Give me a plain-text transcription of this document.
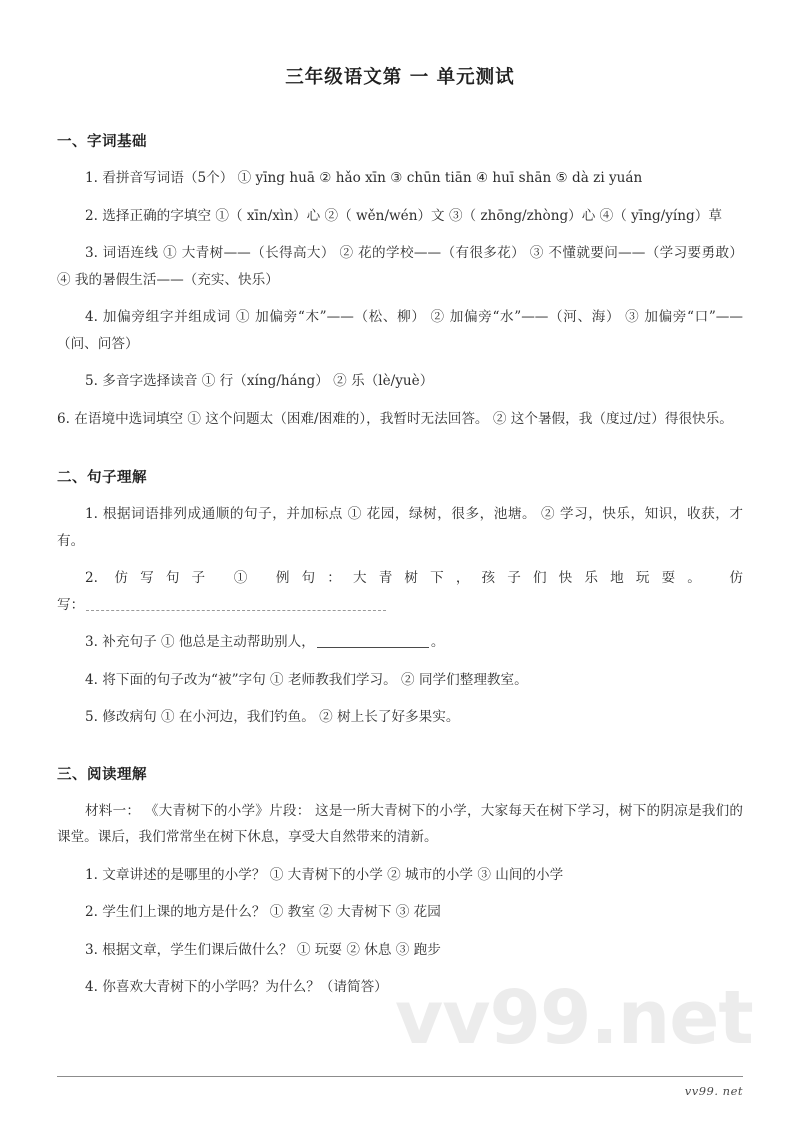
vv99.net
三年级语文第 一 单元测试
一、字词基础

1. 看拼音写词语（5个） ① yīng huā ② hǎo xīn ③ chūn tiān ④ huī shān ⑤ dà zi yuán

2. 选择正确的字填空 ①（ xīn/xìn）心 ②（ wěn/wén）文 ③（ zhōng/zhòng）心 ④（ yīng/yíng）草

3. 词语连线 ① 大青树——（长得高大） ② 花的学校——（有很多花） ③ 不懂就要问——（学习要勇敢） ④ 我的暑假生活——（充实、快乐）

4. 加偏旁组字并组成词 ① 加偏旁“木”——（松、柳） ② 加偏旁“水”——（河、海） ③ 加偏旁“口”——（问、问答）

5. 多音字选择读音 ① 行（xíng/háng） ② 乐（lè/yuè）

6. 在语境中选词填空 ① 这个问题太（困难/困难的），我暂时无法回答。 ② 这个暑假，我（度过/过）得很快乐。

二、句子理解

1. 根据词语排列成通顺的句子，并加标点 ① 花园，绿树，很多，池塘。 ② 学习，快乐，知识，收获，才有。

2. 仿写句子 ① 例句：大青树下，孩子们快乐地玩耍。 仿

写：

3. 补充句子 ① 他总是主动帮助别人，	。

4. 将下面的句子改为“被”字句 ① 老师教我们学习。 ② 同学们整理教室。

5. 修改病句 ① 在小河边，我们钓鱼。 ② 树上长了好多果实。

三、阅读理解

材料一： 《大青树下的小学》片段： 这是一所大青树下的小学，大家每天在树下学习，树下的阴凉是我们的课堂。课后，我们常常坐在树下休息，享受大自然带来的清新。

1. 文章讲述的是哪里的小学？ ① 大青树下的小学 ② 城市的小学 ③ 山间的小学

2. 学生们上课的地方是什么？ ① 教室 ② 大青树下 ③ 花园

3. 根据文章，学生们课后做什么？ ① 玩耍 ② 休息 ③ 跑步

4. 你喜欢大青树下的小学吗？为什么？（请简答）

vv99. net
